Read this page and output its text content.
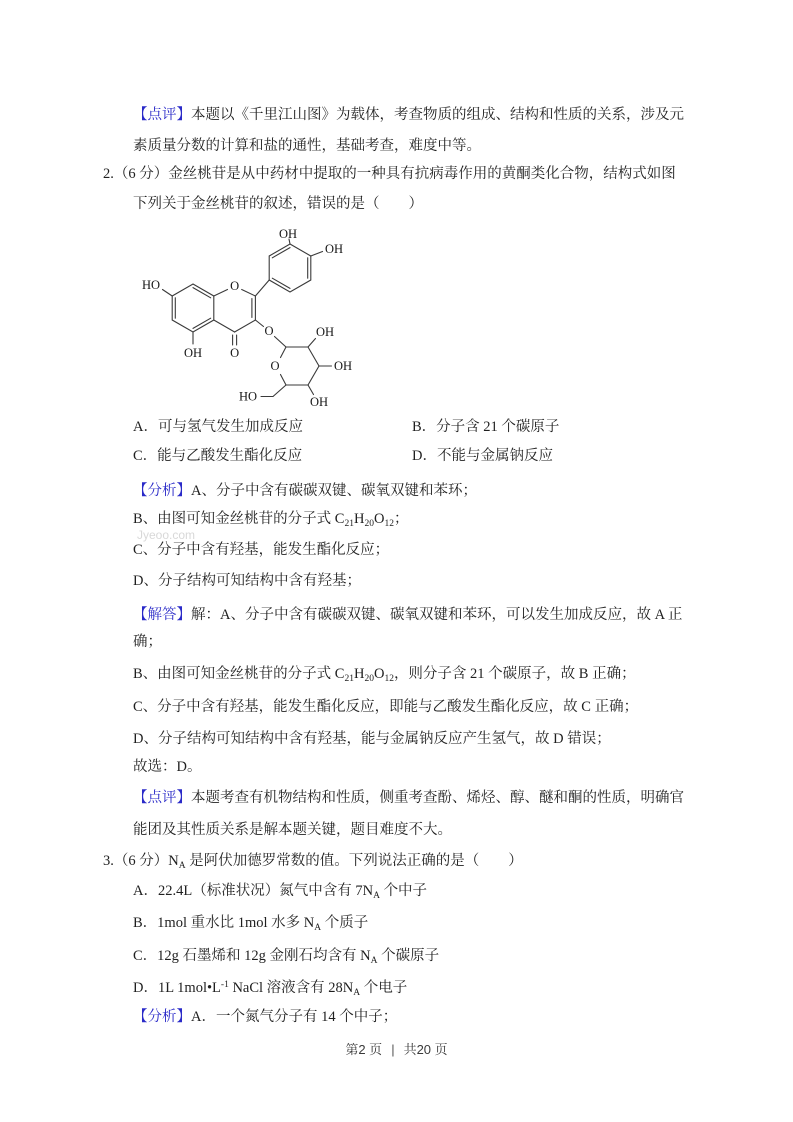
【点评】本题以《千里江山图》为载体，考查物质的组成、结构和性质的关系，涉及元
素质量分数的计算和盐的通性，基础考查，难度中等。
2.（6 分）金丝桃苷是从中药材中提取的一种具有抗病毒作用的黄酮类化合物，结构式如图
下列关于金丝桃苷的叙述，错误的是（　　）
Jyeoo.com
HO
OH
O
O
OH
OH
O
O
OH
OH
OH
HO
A．可与氢气发生加成反应	B．分子含 21 个碳原子
C．能与乙酸发生酯化反应	D．不能与金属钠反应
【分析】A、分子中含有碳碳双键、碳氧双键和苯环；
B、由图可知金丝桃苷的分子式 $C_{21}H_{20}O_{12}$；
C、分子中含有羟基，能发生酯化反应；
D、分子结构可知结构中含有羟基；
【解答】解：A、分子中含有碳碳双键、碳氧双键和苯环，可以发生加成反应，故 A 正
确；
B、由图可知金丝桃苷的分子式 $C_{21}H_{20}O_{12}$，则分子含 21 个碳原子，故 B 正确；
C、分子中含有羟基，能发生酯化反应，即能与乙酸发生酯化反应，故 C 正确；
D、分子结构可知结构中含有羟基，能与金属钠反应产生氢气，故 D 错误；
故选：D。
【点评】本题考查有机物结构和性质，侧重考查酚、烯烃、醇、醚和酮的性质，明确官
能团及其性质关系是解本题关键，题目难度不大。
3.（6 分）$N_A$ 是阿伏加德罗常数的值。下列说法正确的是（　　）
A．22.4L（标准状况）氮气中含有 $7N_A$ 个中子
B．1mol 重水比 1mol 水多 $N_A$ 个质子
C．12g 石墨烯和 12g 金刚石均含有 $N_A$ 个碳原子
D．1L $1mol•L^{-1}$ NaCl 溶液含有 $28N_A$ 个电子
【分析】A．一个氮气分子有 14 个中子；
第2 页 | 共20 页
